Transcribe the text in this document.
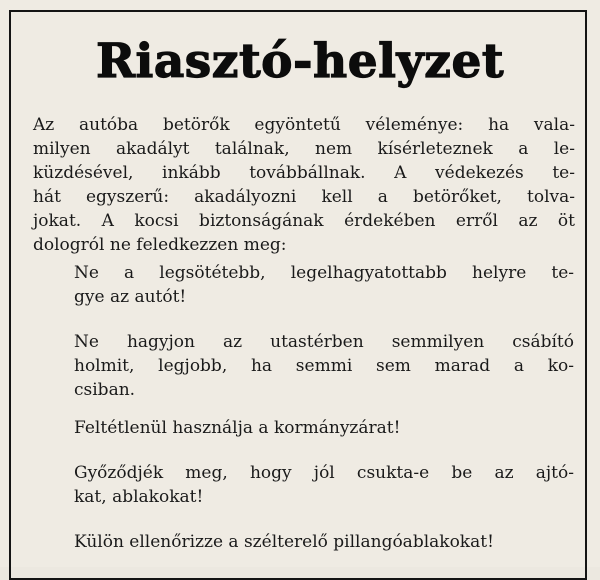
Riasztó-helyzet
Az autóba betörők egyöntetű véleménye: ha vala-
milyen akadályt találnak, nem kísérleteznek a le-
küzdésével, inkább továbbállnak. A védekezés te-
hát egyszerű: akadályozni kell a betörőket, tolva-
jokat. A kocsi biztonságának érdekében erről az öt
dologról ne feledkezzen meg:
Ne a legsötétebb, legelhagyatottabb helyre te-
gye az autót!
Ne hagyjon az utastérben semmilyen csábító
holmit, legjobb, ha semmi sem marad a ko-
csiban.
Feltétlenül használja a kormányzárat!
Győződjék meg, hogy jól csukta-e be az ajtó-
kat, ablakokat!
Külön ellenőrizze a szélterelő pillangóablakokat!
